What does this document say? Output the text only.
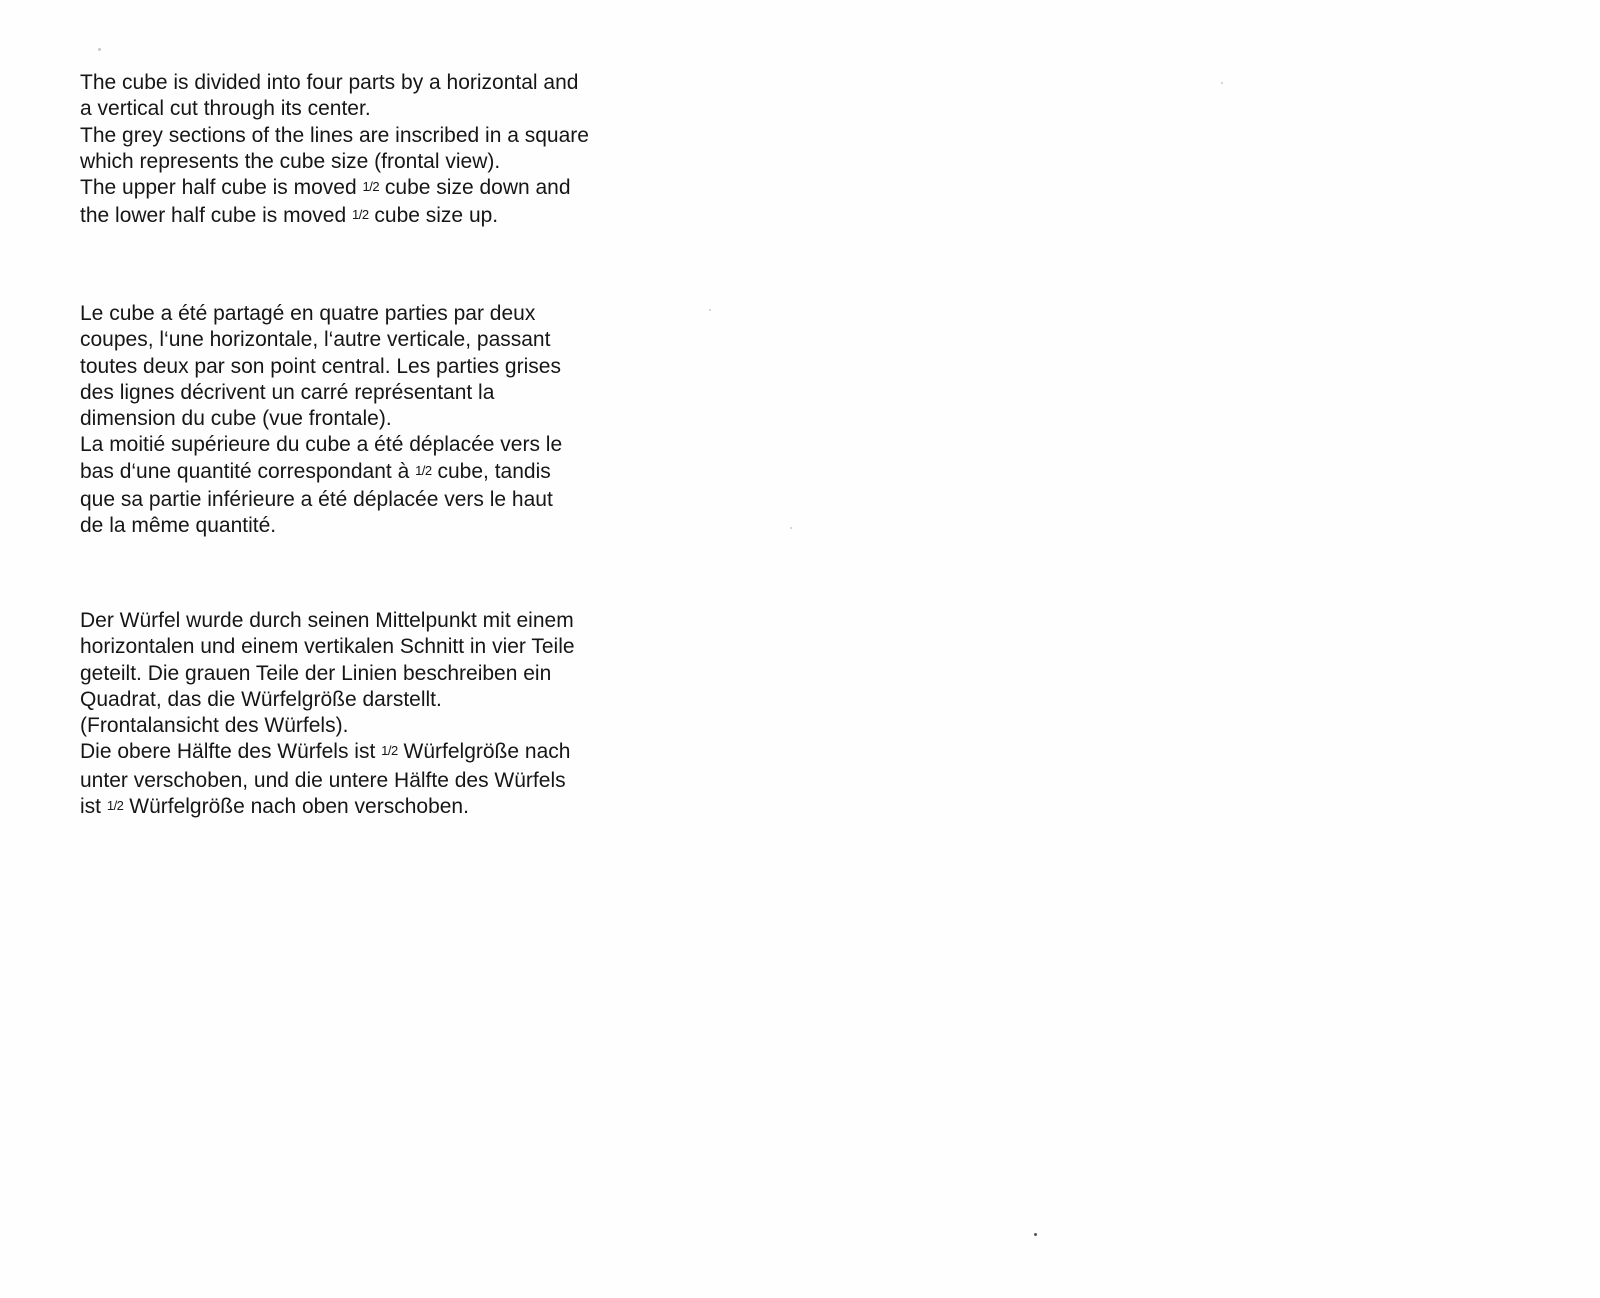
The cube is divided into four parts by a horizontal and
a vertical cut through its center.
The grey sections of the lines are inscribed in a square
which represents the cube size (frontal view).
The upper half cube is moved 1/2 cube size down and
the lower half cube is moved 1/2 cube size up.
Le cube a été partagé en quatre parties par deux
coupes, l‘une horizontale, l‘autre verticale, passant
toutes deux par son point central. Les parties grises
des lignes décrivent un carré représentant la
dimension du cube (vue frontale).
La moitié supérieure du cube a été déplacée vers le
bas d‘une quantité correspondant à 1/2 cube, tandis
que sa partie inférieure a été déplacée vers le haut
de la même quantité.
Der Würfel wurde durch seinen Mittelpunkt mit einem
horizontalen und einem vertikalen Schnitt in vier Teile
geteilt. Die grauen Teile der Linien beschreiben ein
Quadrat, das die Würfelgröße darstellt.
(Frontalansicht des Würfels).
Die obere Hälfte des Würfels ist 1/2 Würfelgröße nach
unter verschoben, und die untere Hälfte des Würfels
ist 1/2 Würfelgröße nach oben verschoben.
